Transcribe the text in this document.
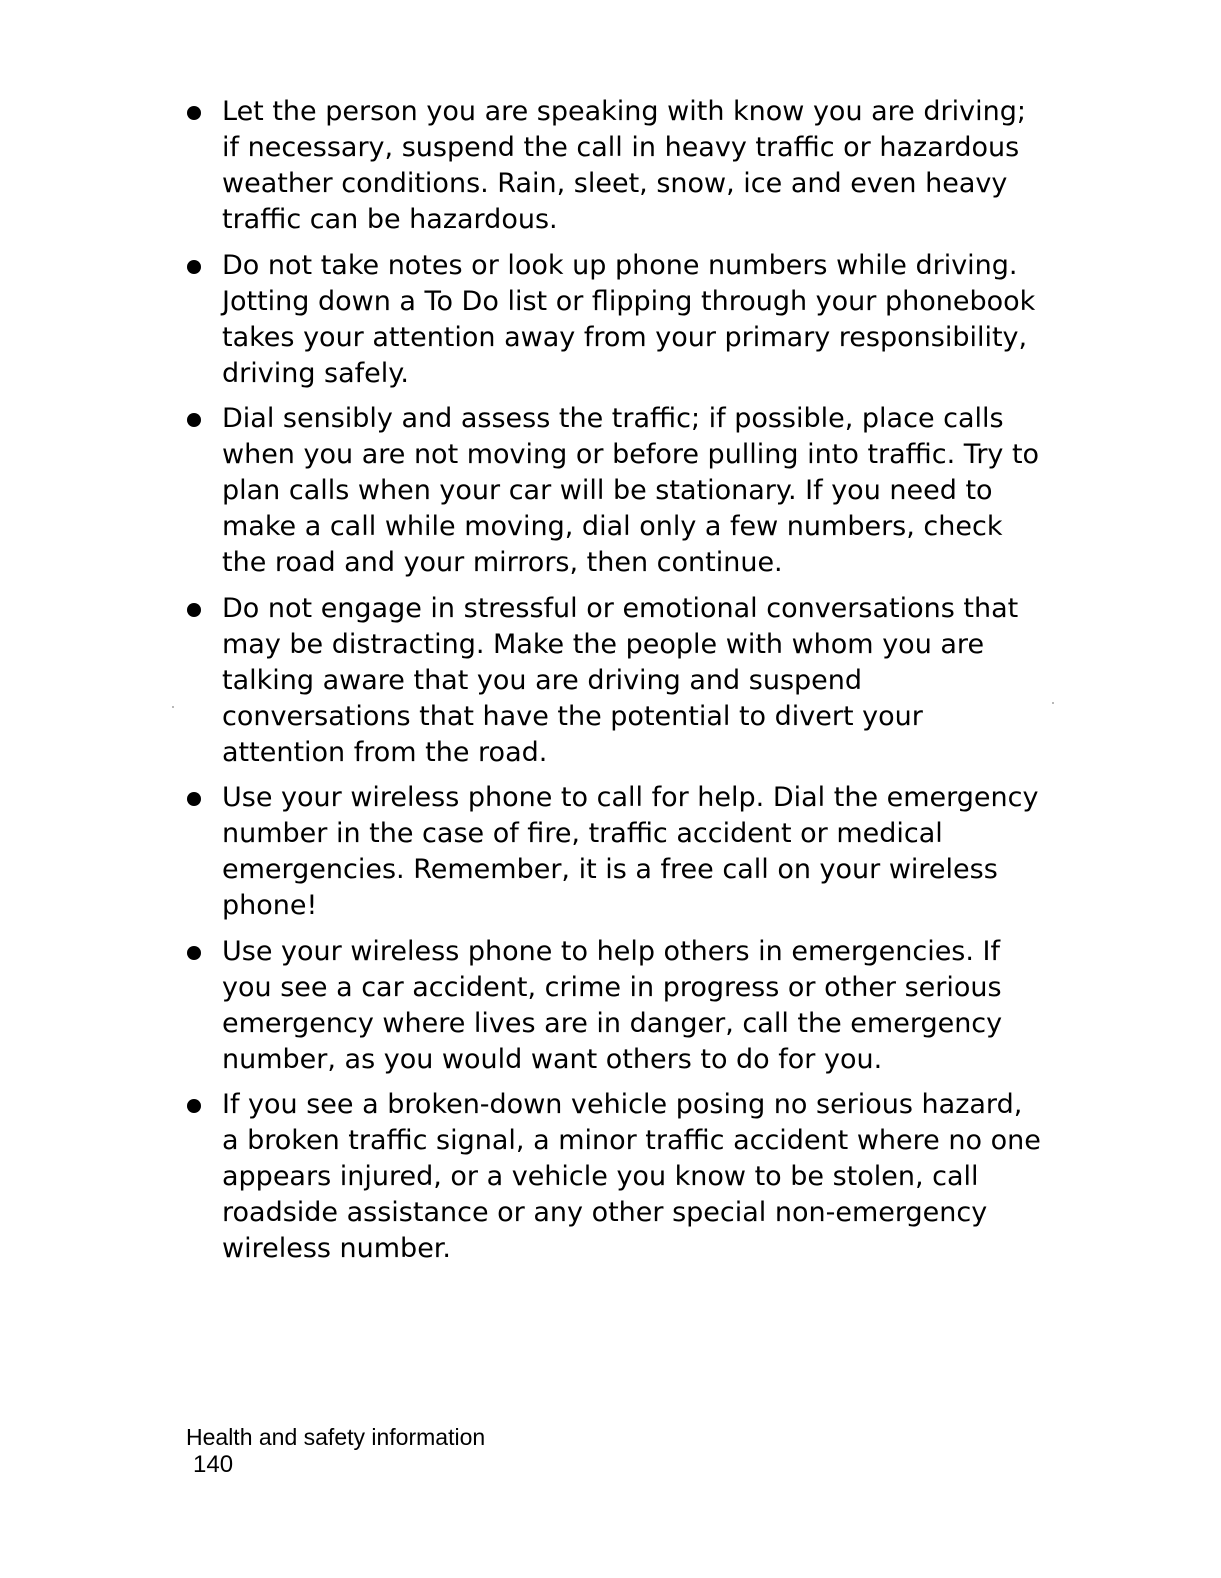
Let the person you are speaking with know you are driving; if necessary, suspend the call in heavy traffic or hazardous weather conditions. Rain, sleet, snow, ice and even heavy traffic can be hazardous.
Do not take notes or look up phone numbers while driving. Jotting down a To Do list or flipping through your phonebook takes your attention away from your primary responsibility, driving safely.
Dial sensibly and assess the traffic; if possible, place calls when you are not moving or before pulling into traffic. Try to plan calls when your car will be stationary. If you need to make a call while moving, dial only a few numbers, check the road and your mirrors, then continue.
Do not engage in stressful or emotional conversations that may be distracting. Make the people with whom you are talking aware that you are driving and suspend conversations that have the potential to divert your attention from the road.
Use your wireless phone to call for help. Dial the emergency number in the case of fire, traffic accident or medical emergencies. Remember, it is a free call on your wireless phone!
Use your wireless phone to help others in emergencies. If you see a car accident, crime in progress or other serious emergency where lives are in danger, call the emergency number, as you would want others to do for you.
If you see a broken-down vehicle posing no serious hazard, a broken traffic signal, a minor traffic accident where no one appears injured, or a vehicle you know to be stolen, call roadside assistance or any other special non-emergency wireless number.
Health and safety information
140
